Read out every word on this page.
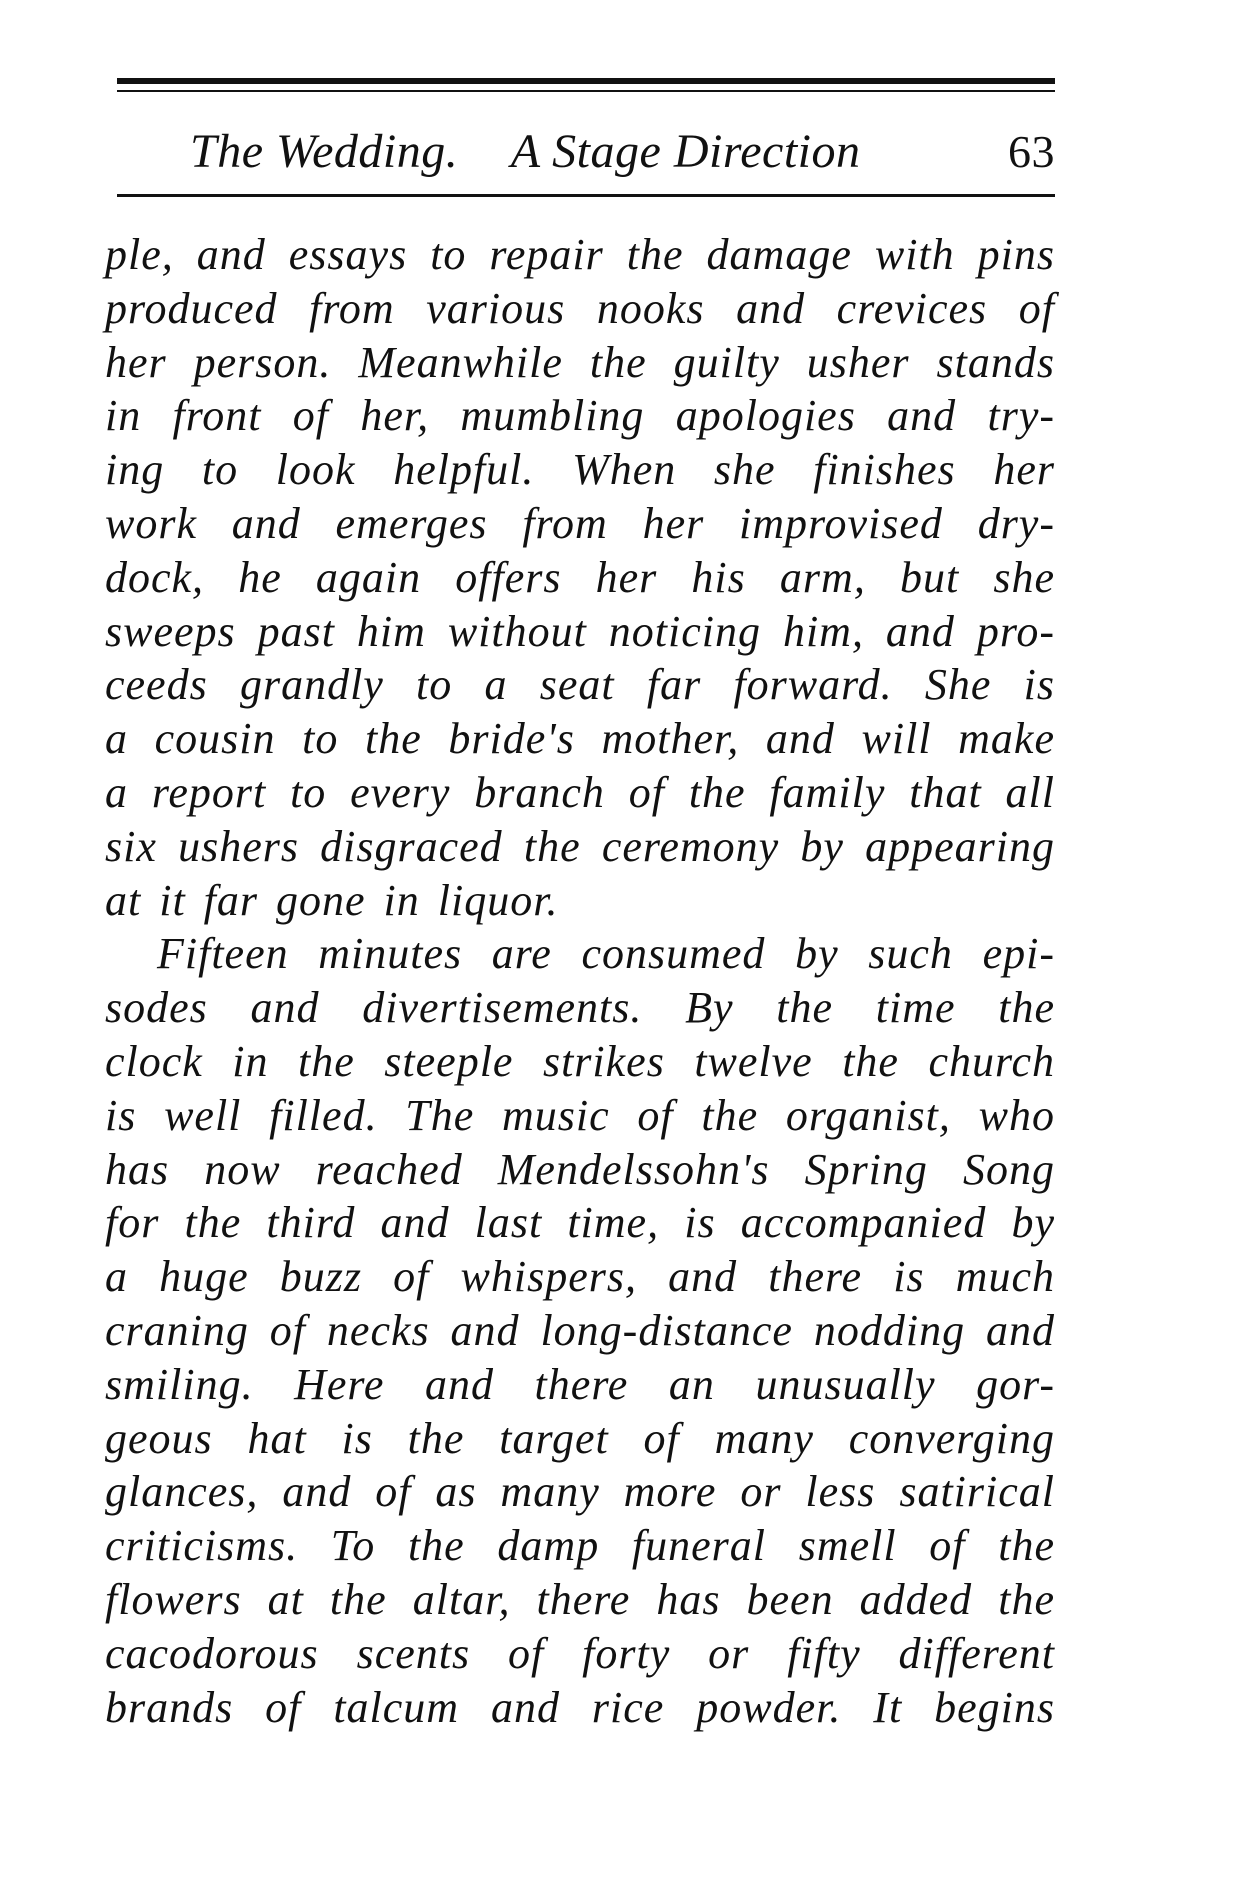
The Wedding. A Stage Direction	63
ple, and essays to repair the damage with pins
produced from various nooks and crevices of
her person. Meanwhile the guilty usher stands
in front of her, mumbling apologies and try-
ing to look helpful. When she finishes her
work and emerges from her improvised dry-
dock, he again offers her his arm, but she
sweeps past him without noticing him, and pro-
ceeds grandly to a seat far forward. She is
a cousin to the bride's mother, and will make
a report to every branch of the family that all
six ushers disgraced the ceremony by appearing
at it far gone in liquor.
Fifteen minutes are consumed by such epi-
sodes and divertisements. By the time the
clock in the steeple strikes twelve the church
is well filled. The music of the organist, who
has now reached Mendelssohn's Spring Song
for the third and last time, is accompanied by
a huge buzz of whispers, and there is much
craning of necks and long-distance nodding and
smiling. Here and there an unusually gor-
geous hat is the target of many converging
glances, and of as many more or less satirical
criticisms. To the damp funeral smell of the
flowers at the altar, there has been added the
cacodorous scents of forty or fifty different
brands of talcum and rice powder. It begins
